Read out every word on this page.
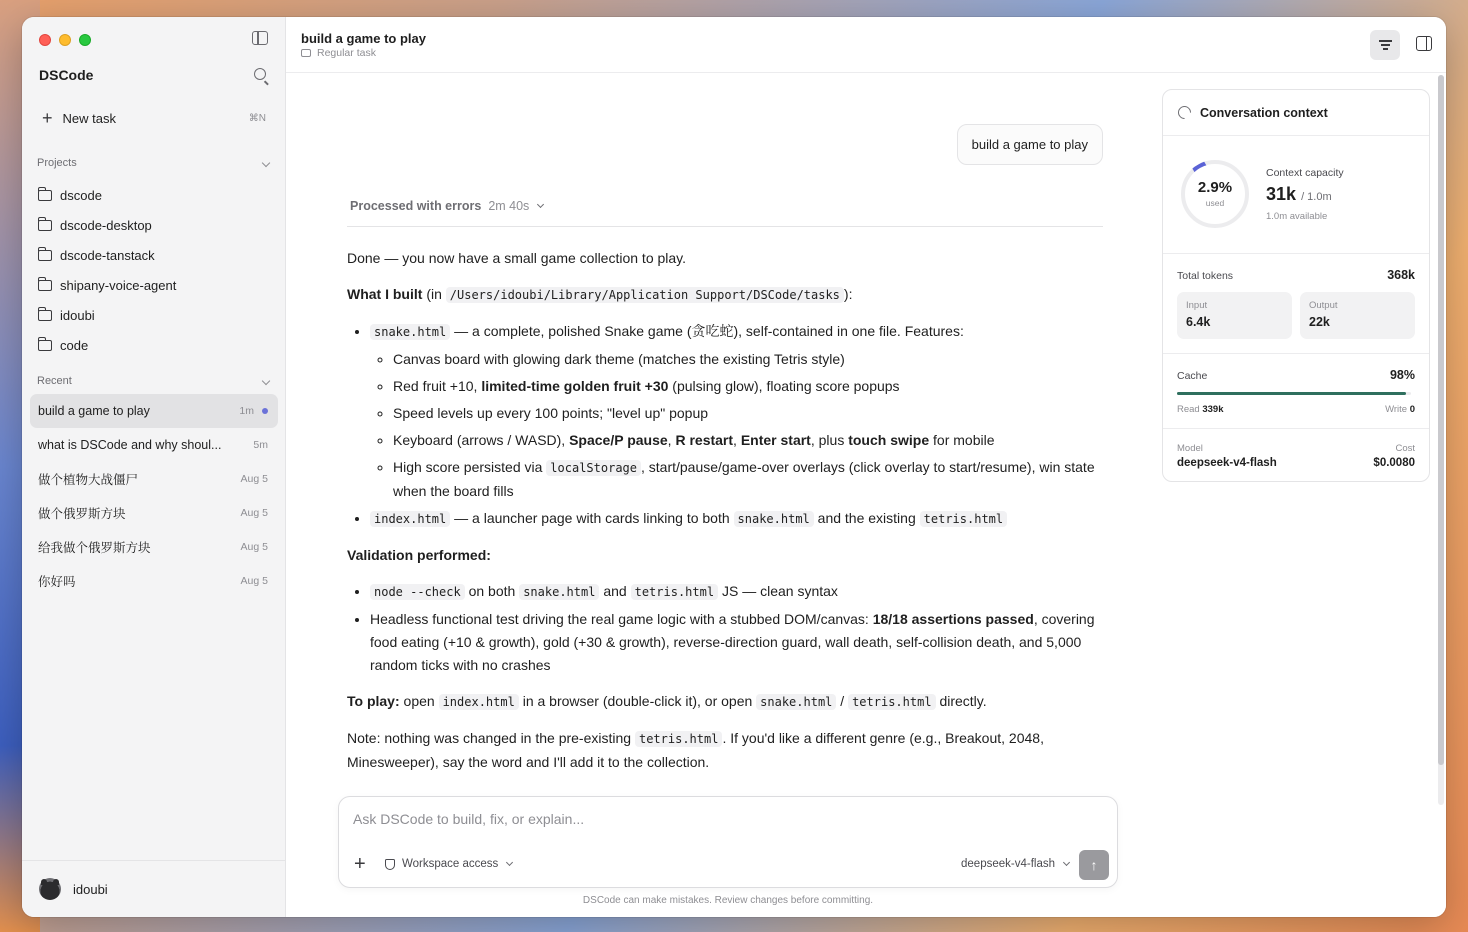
DSCode
+ New task	⌘N
Projects
dscode
dscode-desktop
dscode-tanstack
shipany-voice-agent
idoubi
code
Recent
build a game to play	1m
what is DSCode and why shoul...	5m
做个植物大战僵尸	Aug 5
做个俄罗斯方块	Aug 5
给我做个俄罗斯方块	Aug 5
你好吗	Aug 5
idoubi
build a game to play
Regular task
build a game to play
Processed with errors 2m 40s

Done — you now have a small game collection to play.

What I built (in /Users/idoubi/Library/Application Support/DSCode/tasks ):

• snake.html — a complete, polished Snake game (贪吃蛇), self-contained in one file. Features:
◦ Canvas board with glowing dark theme (matches the existing Tetris style)
◦ Red fruit +10, limited-time golden fruit +30 (pulsing glow), floating score popups
◦ Speed levels up every 100 points; "level up" popup
◦ Keyboard (arrows / WASD), Space/P pause, R restart, Enter start, plus touch swipe for mobile
◦ High score persisted via localStorage , start/pause/game-over overlays (click overlay to start/resume), win state when the board fills
• index.html — a launcher page with cards linking to both snake.html and the existing tetris.html

Validation performed:

• node --check on both snake.html and tetris.html JS — clean syntax
• Headless functional test driving the real game logic with a stubbed DOM/canvas: 18/18 assertions passed, covering food eating (+10 & growth), gold (+30 & growth), reverse-direction guard, wall death, self-collision death, and 5,000 random ticks with no crashes

To play: open index.html in a browser (double-click it), or open snake.html / tetris.html directly.

Note: nothing was changed in the pre-existing tetris.html . If you'd like a different genre (e.g., Breakout, 2048, Minesweeper), say the word and I'll add it to the collection.

Ask DSCode to build, fix, or explain...
+	Workspace access	deepseek-v4-flash	↑
DSCode can make mistakes. Review changes before committing.
Conversation context
2.9%
used
Context capacity
31k / 1.0m
1.0m available
Total tokens	368k
Input
6.4k
Output
22k
Cache	98%
Read 339k	Write 0
Model	Cost
deepseek-v4-flash	$0.0080
